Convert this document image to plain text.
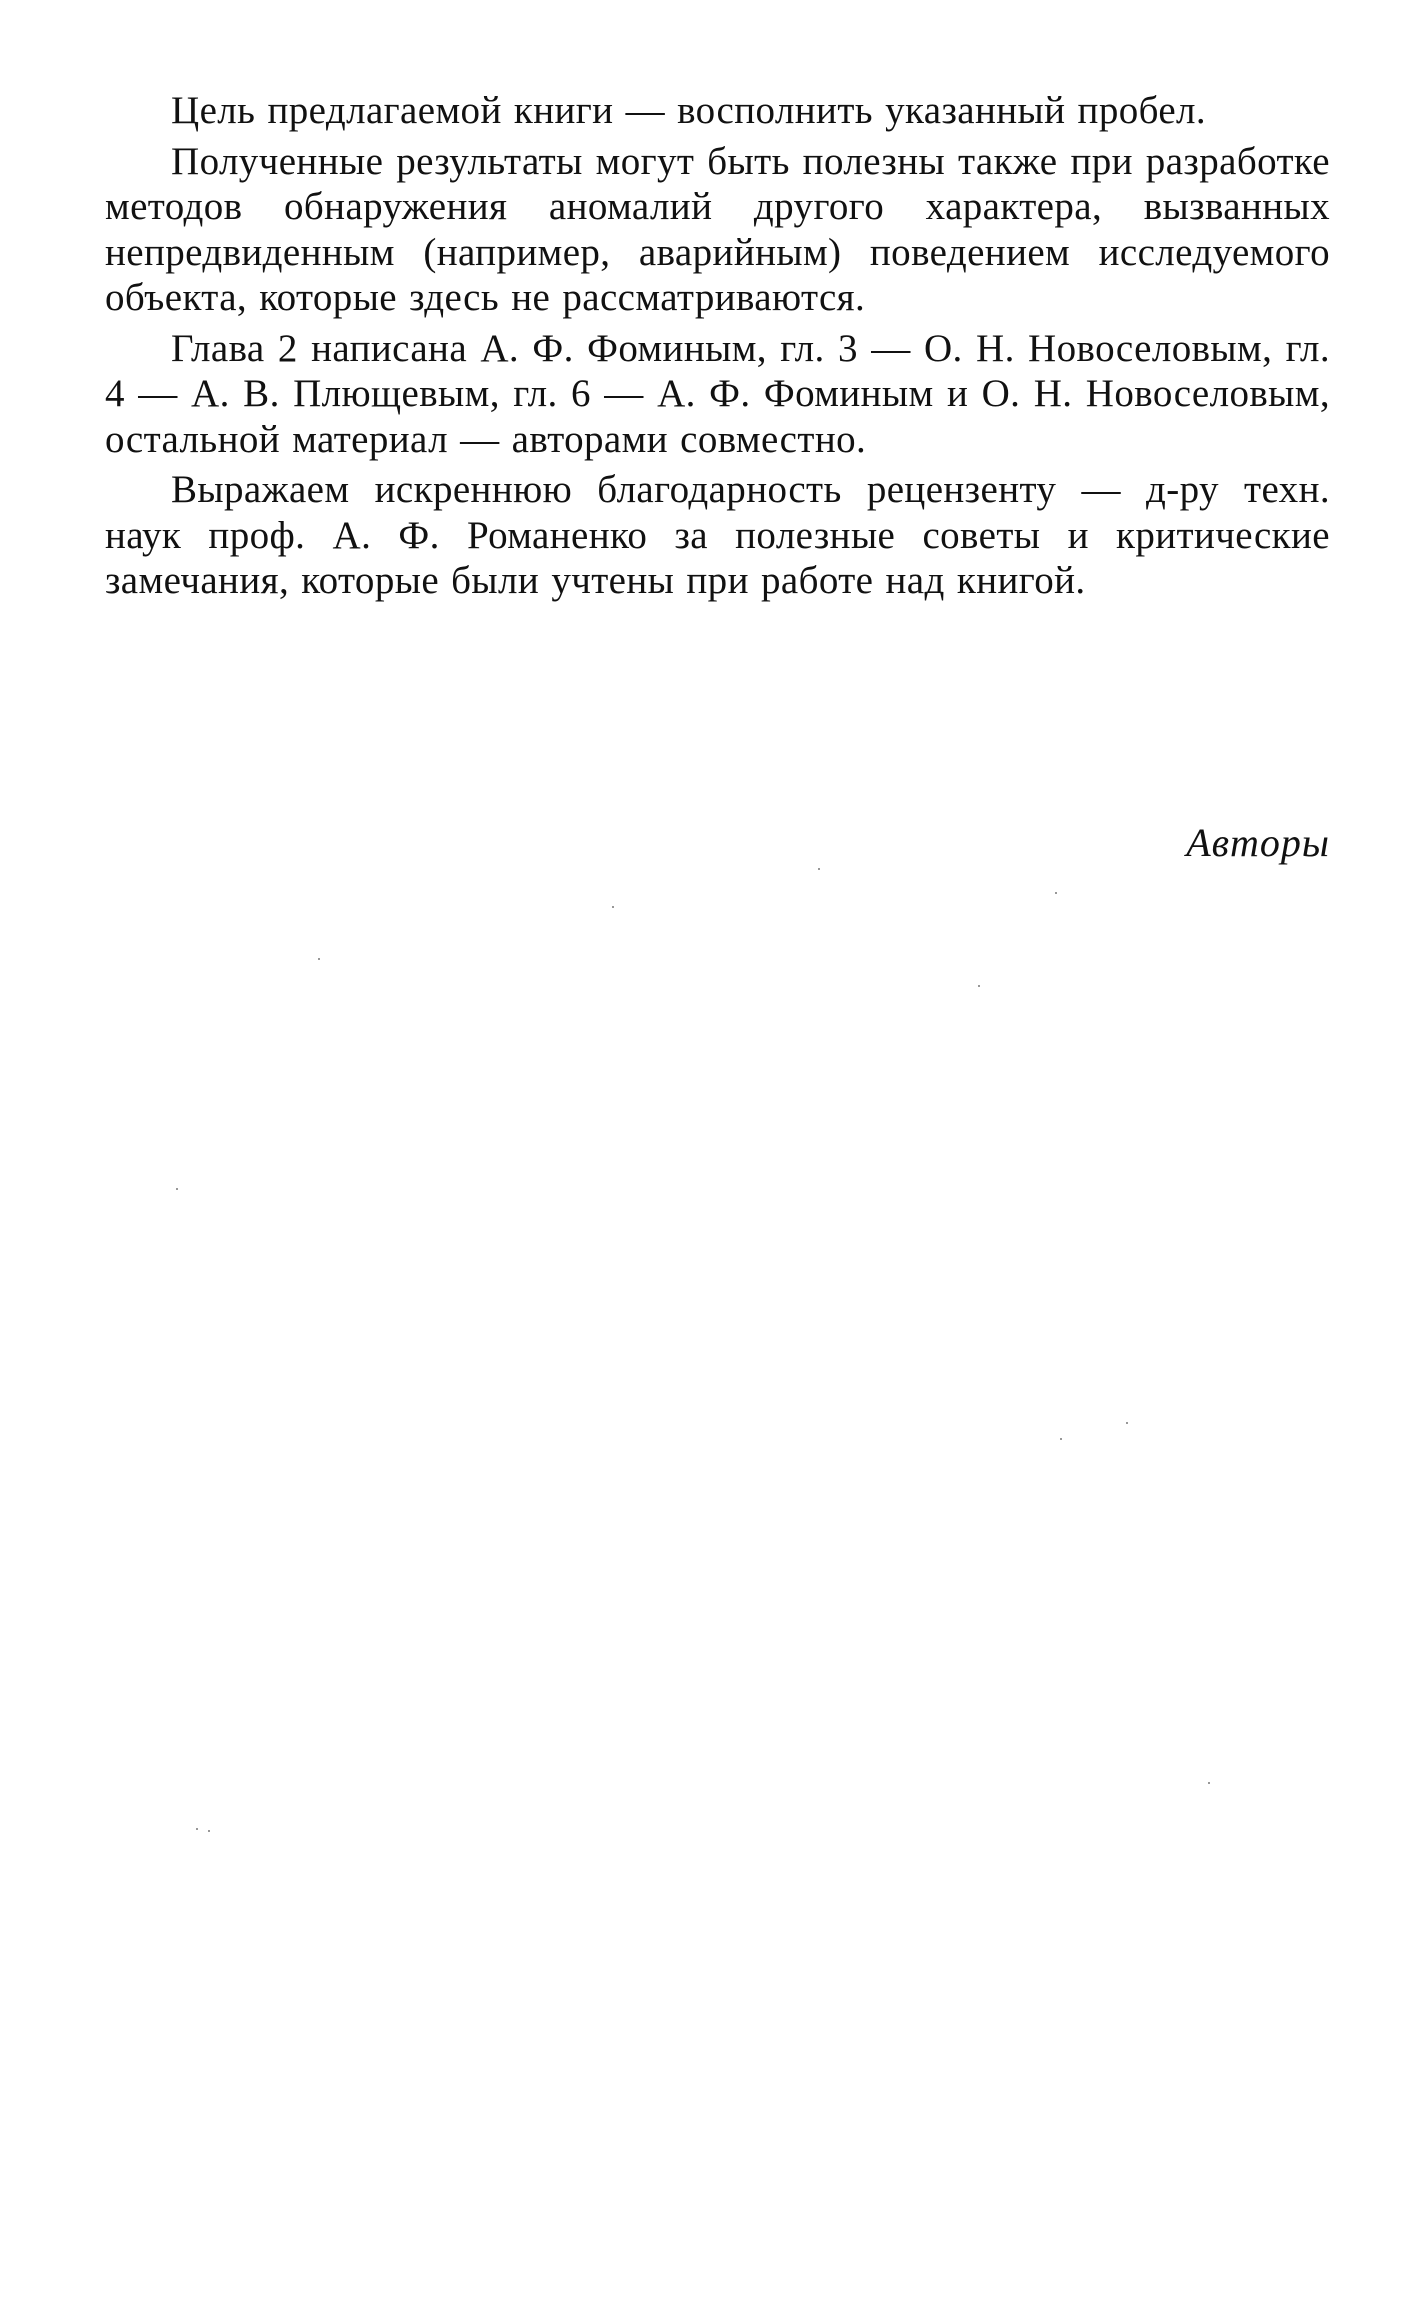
Цель предлагаемой книги — восполнить указанный пробел.

Полученные результаты могут быть полезны также при разработке методов обнаружения аномалий другого характера, вызванных непредвиденным (например, аварийным) поведением исследуемого объекта, которые здесь не рассматриваются.

Глава 2 написана А. Ф. Фоминым, гл. 3 — О. Н. Новоселовым, гл. 4 — А. В. Плющевым, гл. 6 — А. Ф. Фоминым и О. Н. Новоселовым, остальной материал — авторами совместно.

Выражаем искреннюю благодарность рецензенту — д-ру техн. наук проф. А. Ф. Романенко за полезные советы и критические замечания, которые были учтены при работе над книгой.

Авторы
